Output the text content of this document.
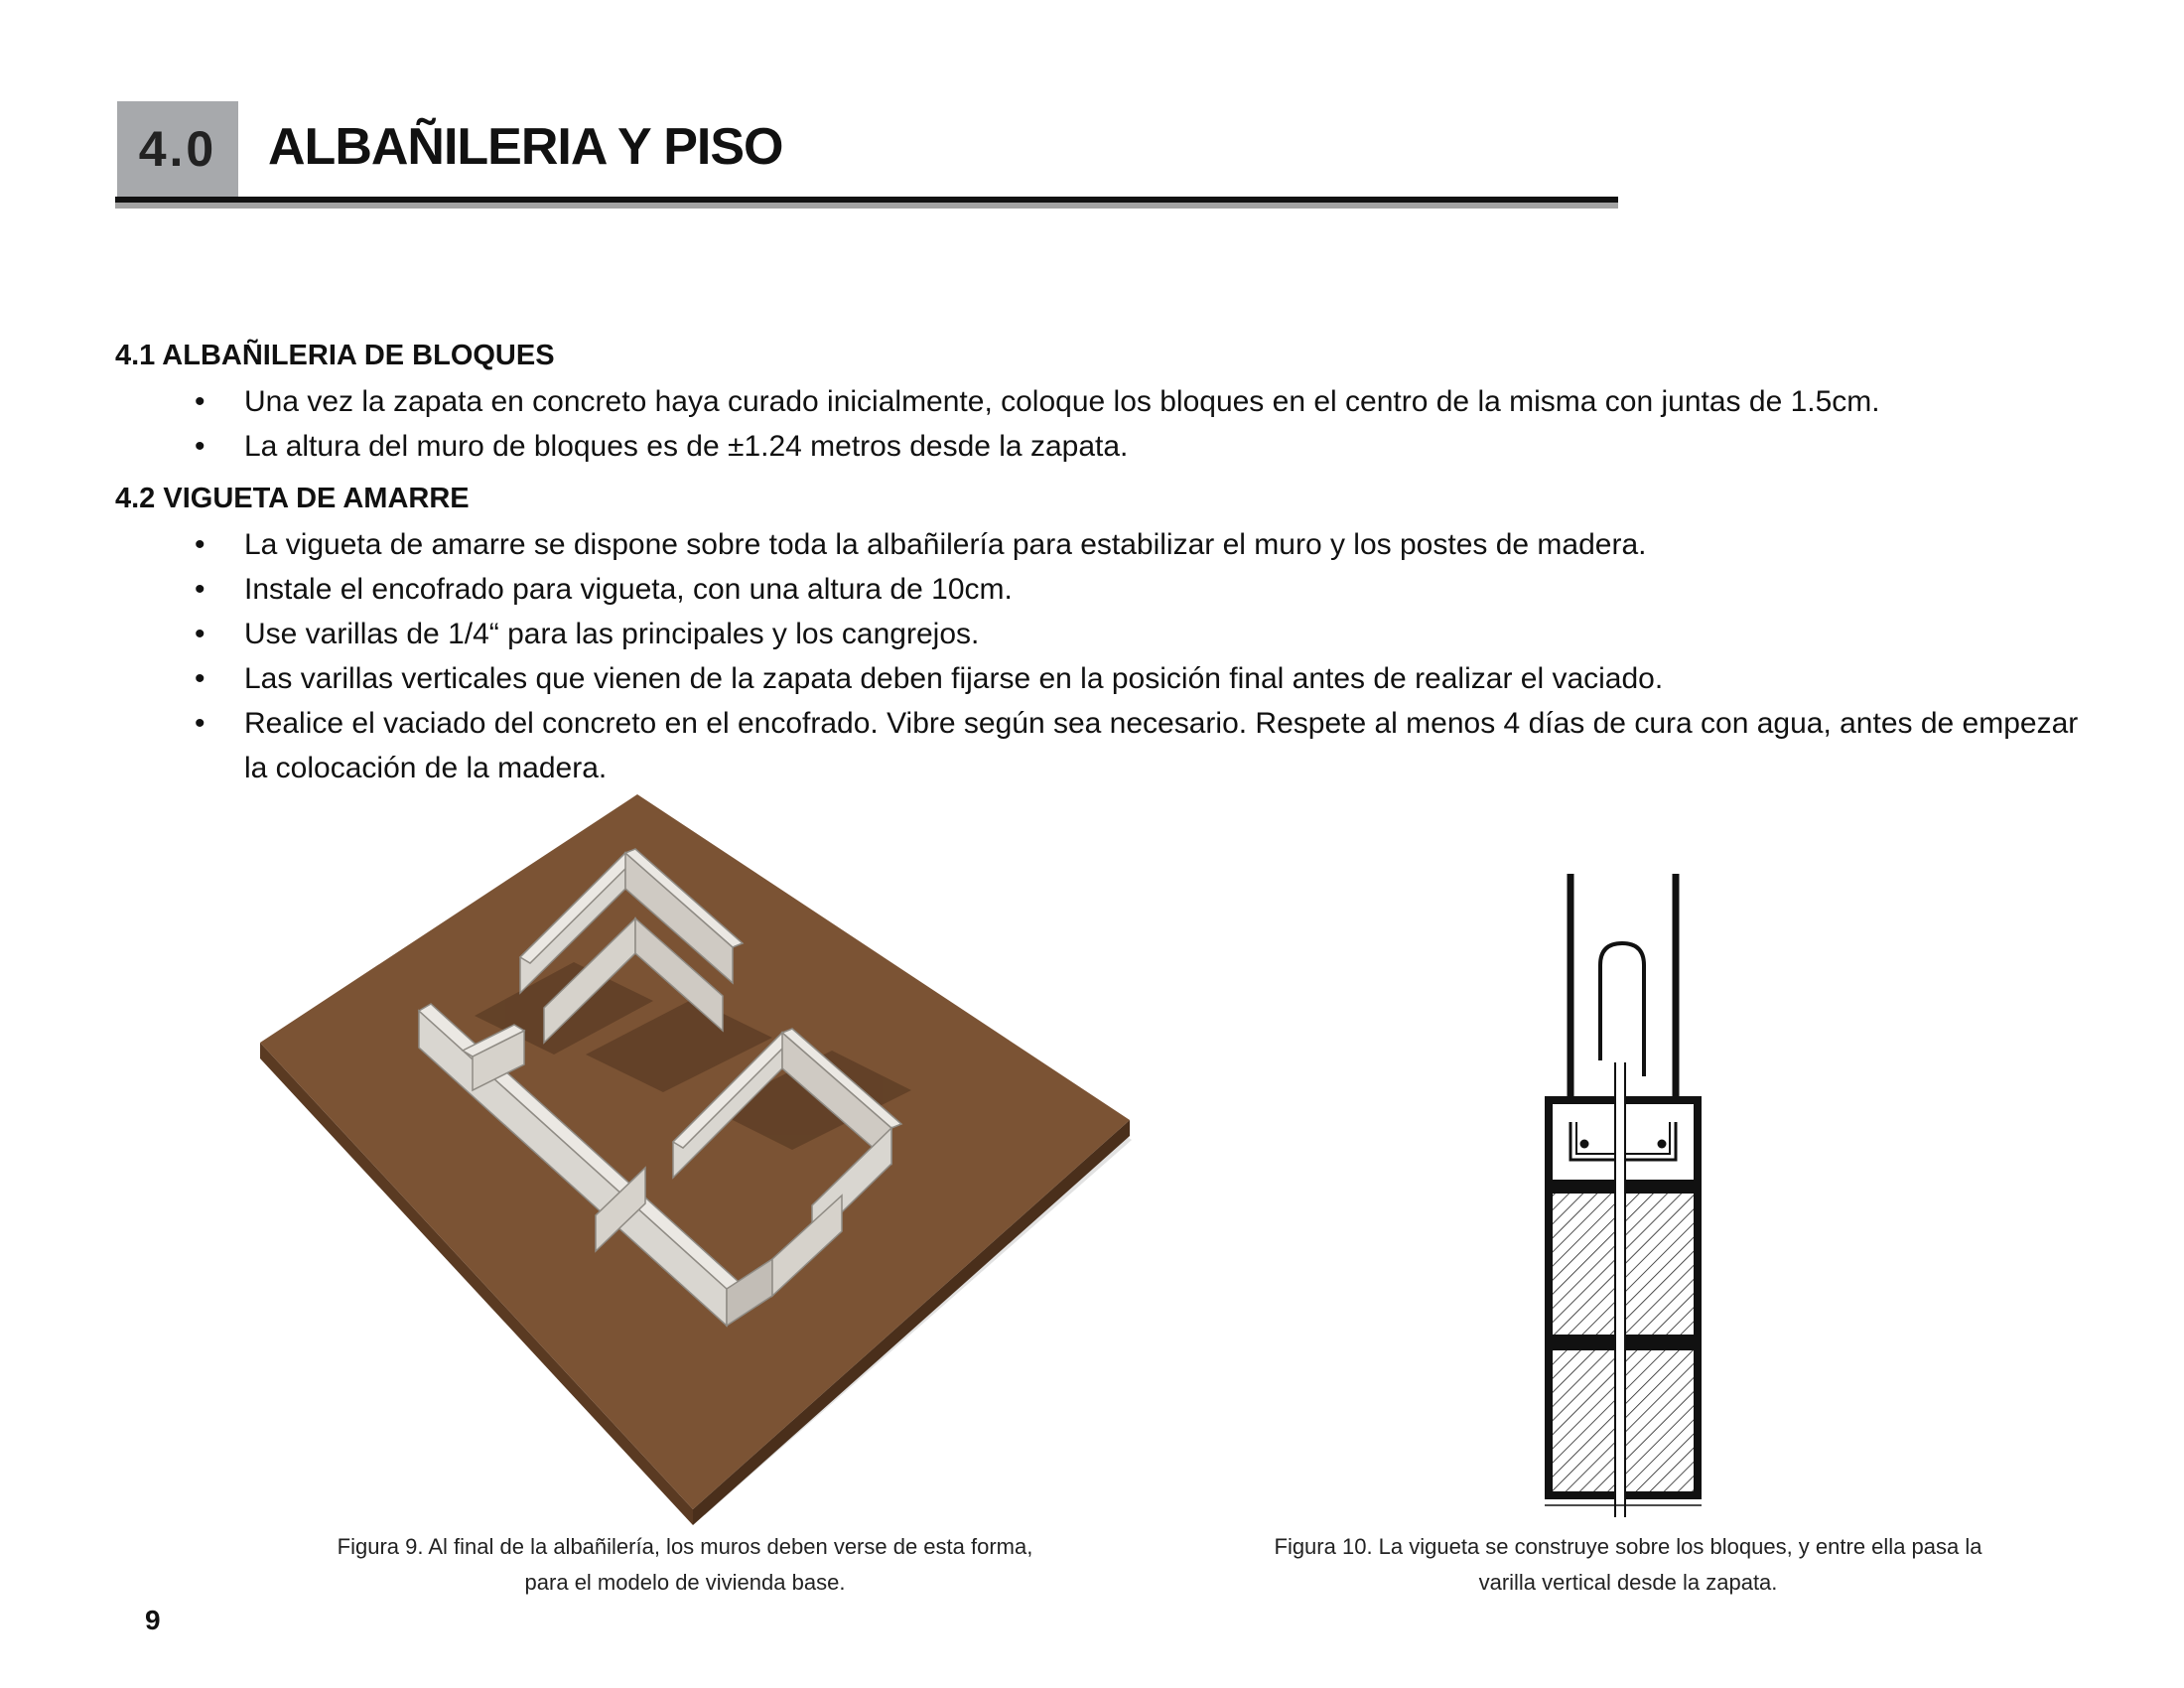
4.0 ALBAÑILERIA Y PISO
4.1 ALBAÑILERIA DE BLOQUES
• Una vez la zapata en concreto haya curado inicialmente, coloque los bloques en el centro de la misma con juntas de 1.5cm.
• La altura del muro de bloques es de ±1.24 metros desde la zapata.
4.2 VIGUETA DE AMARRE
• La vigueta de amarre se dispone sobre toda la albañilería para estabilizar el muro y los postes de madera.
• Instale el encofrado para vigueta, con una altura de 10cm.
• Use varillas de 1/4“ para las principales y los cangrejos.
• Las varillas verticales que vienen de la zapata deben fijarse en la posición final antes de realizar el vaciado.
• Realice el vaciado del concreto en el encofrado. Vibre según sea necesario. Respete al menos 4 días de cura con agua, antes de empezar la colocación de la madera.
Figura 9. Al final de la albañilería, los muros deben verse de esta forma,
para el modelo de vivienda base.
Figura 10. La vigueta se construye sobre los bloques, y entre ella pasa la
varilla vertical desde la zapata.
9
